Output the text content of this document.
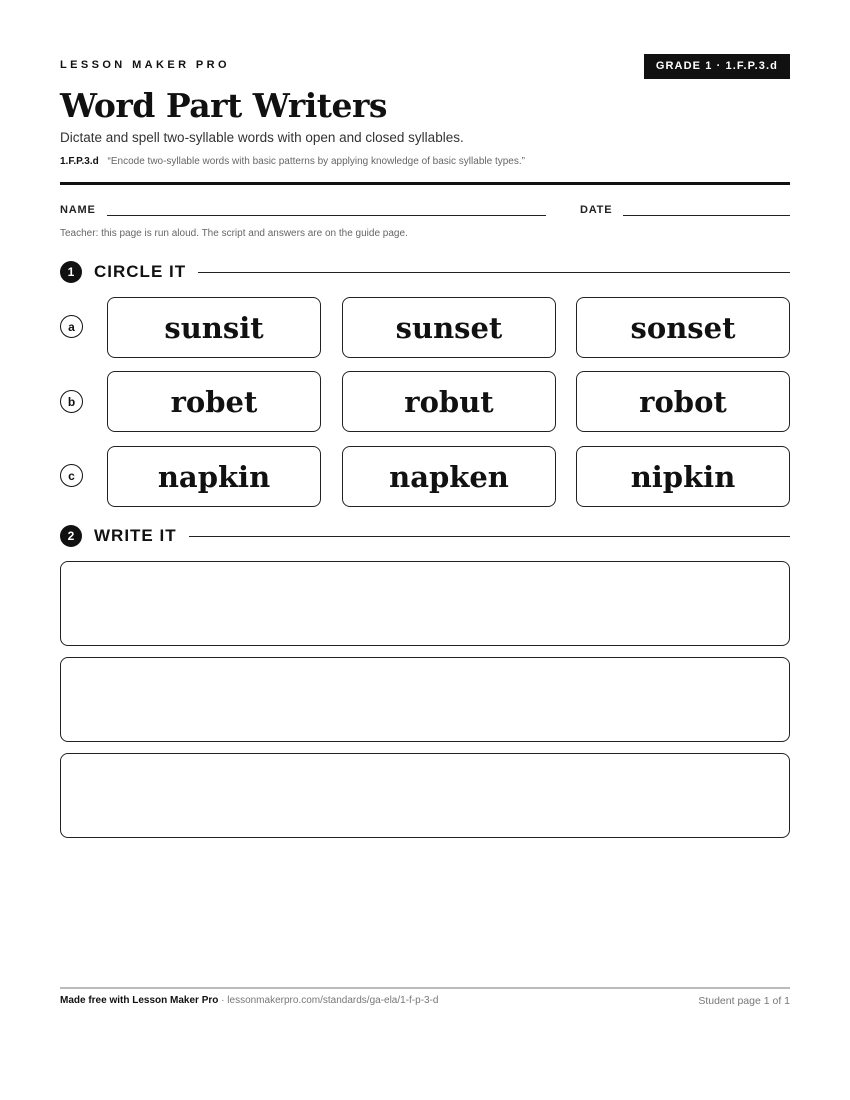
LESSON MAKER PRO	GRADE 1 · 1.F.P.3.d
Word Part Writers
Dictate and spell two-syllable words with open and closed syllables.
1.F.P.3.d “Encode two-syllable words with basic patterns by applying knowledge of basic syllable types.”
NAME	DATE
Teacher: this page is run aloud. The script and answers are on the guide page.
1	CIRCLE IT
a	sunsit	sunset	sonset
b	robet	robut	robot
c	napkin	napken	nipkin
2	WRITE IT
Made free with Lesson Maker Pro · lessonmakerpro.com/standards/ga-ela/1-f-p-3-d	Student page 1 of 1
